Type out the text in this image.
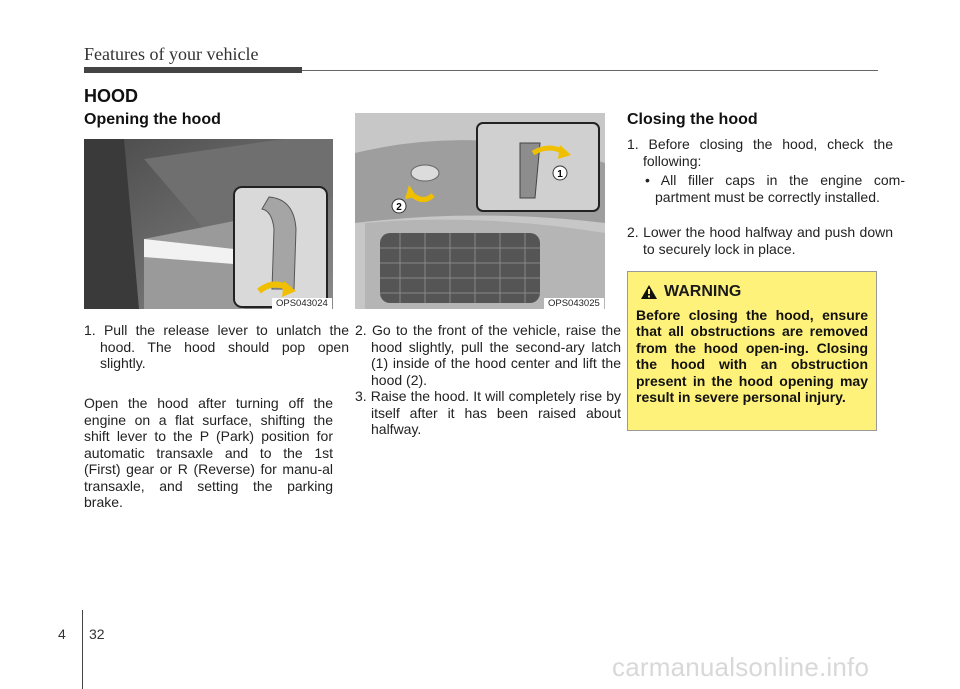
Features of your vehicle
HOOD
Opening the hood
OPS043024
1. Pull the release lever to unlatch the hood. The hood should pop open slightly.
Open the hood after turning off the engine on a flat surface, shifting the shift lever to the P (Park) position for automatic transaxle and to the 1st (First) gear or R (Reverse) for manu-al transaxle, and setting the parking brake.
1
2
OPS043025
2. Go to the front of the vehicle, raise the hood slightly, pull the second-ary latch (1) inside of the hood center and lift the hood (2).
3. Raise the hood. It will completely rise by itself after it has been raised about halfway.
Closing the hood
1. Before closing the hood, check the following:
• All filler caps in the engine com-partment must be correctly installed.
2. Lower the hood halfway and push down to securely lock in place.
WARNING
Before closing the hood, ensure that all obstructions are removed from the hood open-ing. Closing the hood with an obstruction present in the hood opening may result in severe personal injury.
4 32
carmanualsonline.info
